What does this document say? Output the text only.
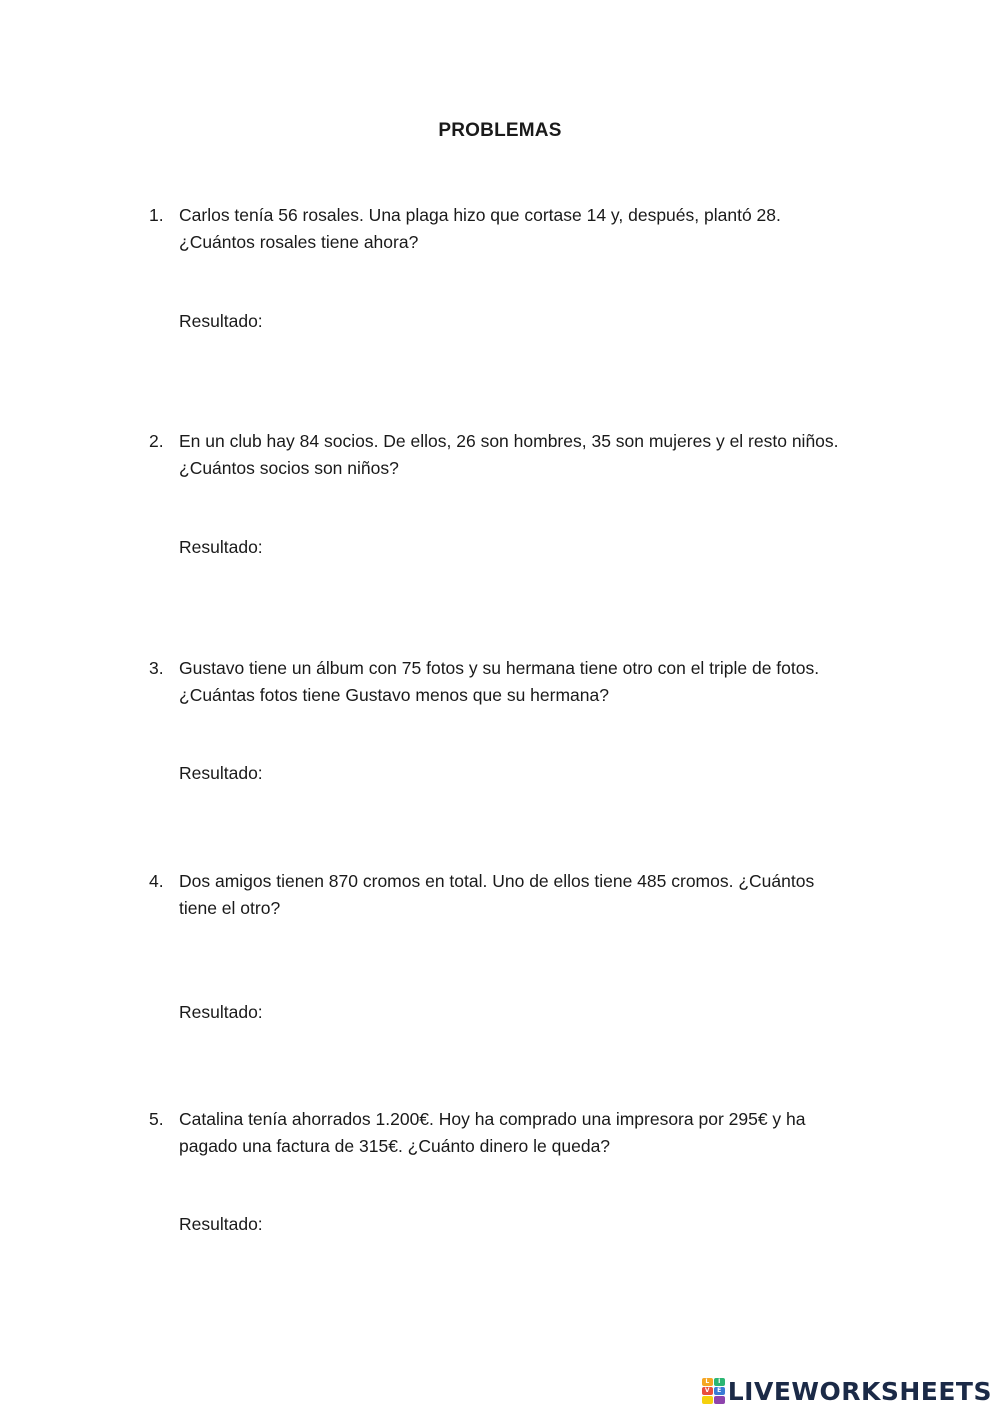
PROBLEMAS
1. Carlos tenía 56 rosales. Una plaga hizo que cortase 14 y, después, plantó 28.
¿Cuántos rosales tiene ahora?
Resultado:
2. En un club hay 84 socios. De ellos, 26 son hombres, 35 son mujeres y el resto niños.
¿Cuántos socios son niños?
Resultado:
3. Gustavo tiene un álbum con 75 fotos y su hermana tiene otro con el triple de fotos.
¿Cuántas fotos tiene Gustavo menos que su hermana?
Resultado:
4. Dos amigos tienen 870 cromos en total. Uno de ellos tiene 485 cromos. ¿Cuántos
tiene el otro?
Resultado:
5. Catalina tenía ahorrados 1.200€. Hoy ha comprado una impresora por 295€ y ha
pagado una factura de 315€. ¿Cuánto dinero le queda?
Resultado:
L	I
V	E LIVEWORKSHEETS
